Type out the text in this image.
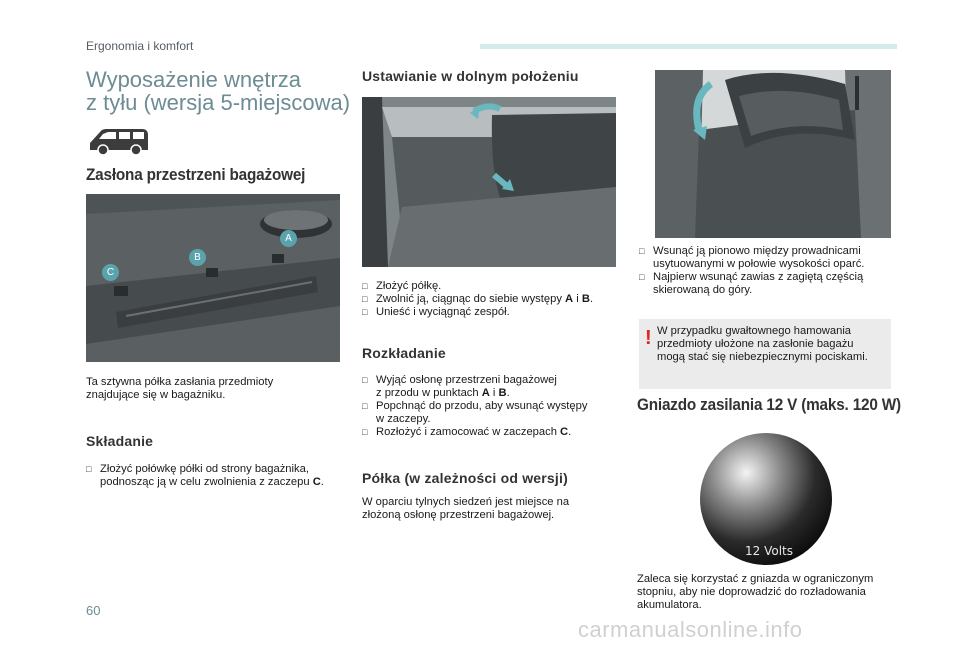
Ergonomia i komfort
Wyposażenie wnętrza
z tyłu (wersja 5-miejscowa)
Zasłona przestrzeni bagażowej
C
B
A
Ta sztywna półka zasłania przedmioty
znajdujące się w bagażniku.
Składanie
□ Złożyć połówkę półki od strony bagażnika,
podnosząc ją w celu zwolnienia z zaczepu C.
Ustawianie w dolnym położeniu
□ Złożyć półkę.
□ Zwolnić ją, ciągnąc do siebie występy A i B.
□ Unieść i wyciągnąć zespół.
Rozkładanie
□ Wyjąć osłonę przestrzeni bagażowej
z przodu w punktach A i B.
□ Popchnąć do przodu, aby wsunąć występy
w zaczepy.
□ Rozłożyć i zamocować w zaczepach C.
Półka (w zależności od wersji)
W oparciu tylnych siedzeń jest miejsce na
złożoną osłonę przestrzeni bagażowej.
□ Wsunąć ją pionowo między prowadnicami
usytuowanymi w połowie wysokości oparć.
□ Najpierw wsunąć zawias z zagiętą częścią
skierowaną do góry.
! W przypadku gwałtownego hamowania
przedmioty ułożone na zasłonie bagażu
mogą stać się niebezpiecznymi pociskami.
Gniazdo zasilania 12 V (maks. 120 W)
12 Volts
Zaleca się korzystać z gniazda w ograniczonym
stopniu, aby nie doprowadzić do rozładowania
akumulatora.
60
carmanualsonline.info
